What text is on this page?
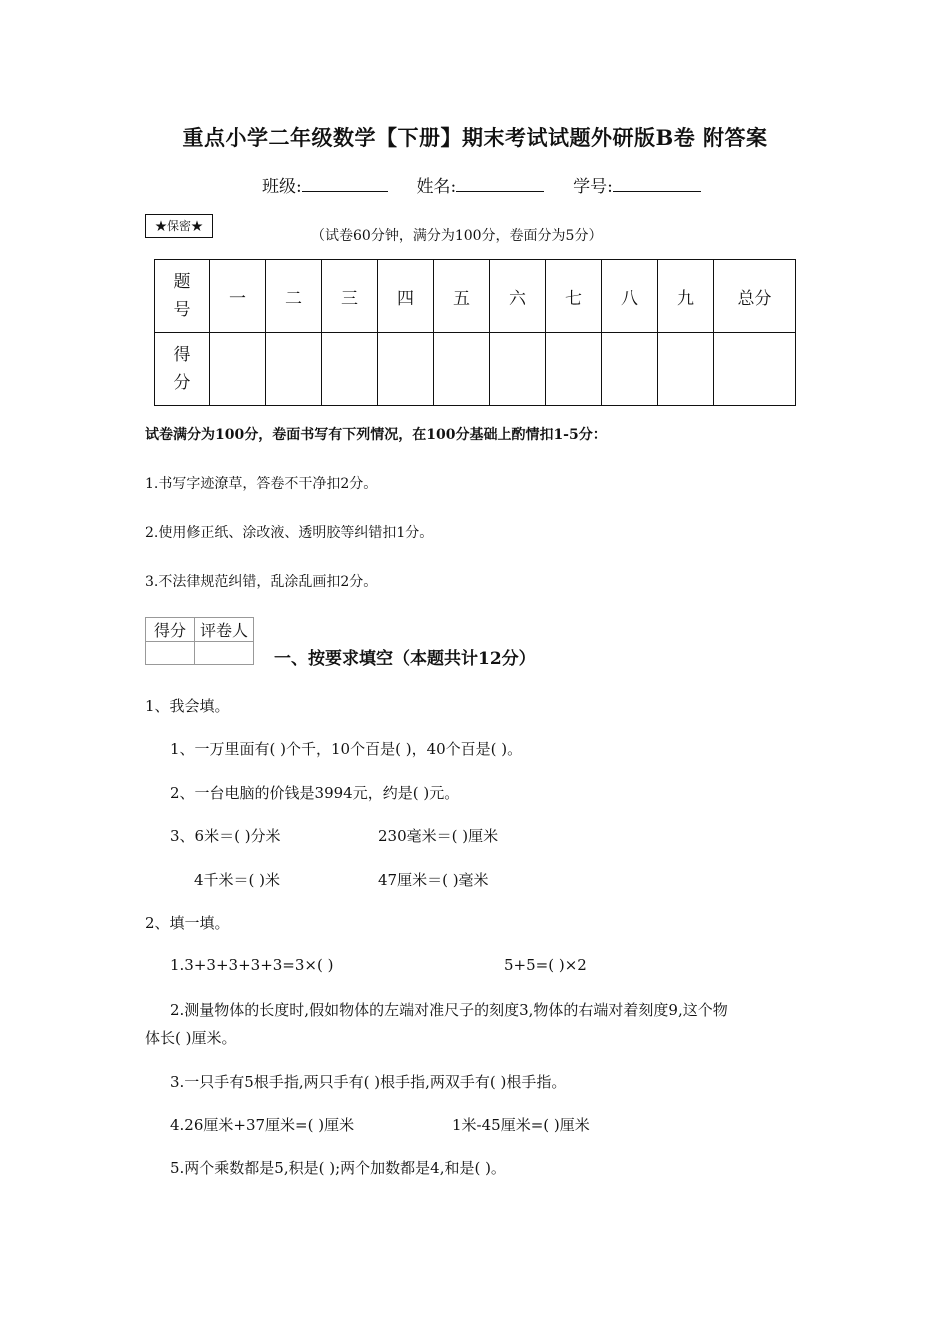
重点小学二年级数学【下册】期末考试试题外研版B卷 附答案
班级:	姓名:	学号:
★保密★
（试卷60分钟，满分为100分，卷面分为5分）
题
号	一	二	三	四	五	六	七	八	九	总分

得
分										

试卷满分为100分，卷面书写有下列情况，在100分基础上酌情扣1-5分：
1.书写字迹潦草，答卷不干净扣2分。
2.使用修正纸、涂改液、透明胶等纠错扣1分。
3.不法律规范纠错，乱涂乱画扣2分。
得分	评卷人

一、按要求填空（本题共计12分）
1、我会填。
1、一万里面有( )个千，10个百是( )，40个百是( )。
2、一台电脑的价钱是3994元，约是( )元。
3、6米＝( )分米	230毫米＝( )厘米
4千米＝( )米	47厘米＝( )毫米
2、填一填。
1.3+3+3+3+3=3×( )	5+5=( )×2
2.测量物体的长度时,假如物体的左端对准尺子的刻度3,物体的右端对着刻度9,这个物
体长( )厘米。
3.一只手有5根手指,两只手有( )根手指,两双手有( )根手指。
4.26厘米+37厘米=( )厘米	1米-45厘米=( )厘米
5.两个乘数都是5,积是( );两个加数都是4,和是( )。
